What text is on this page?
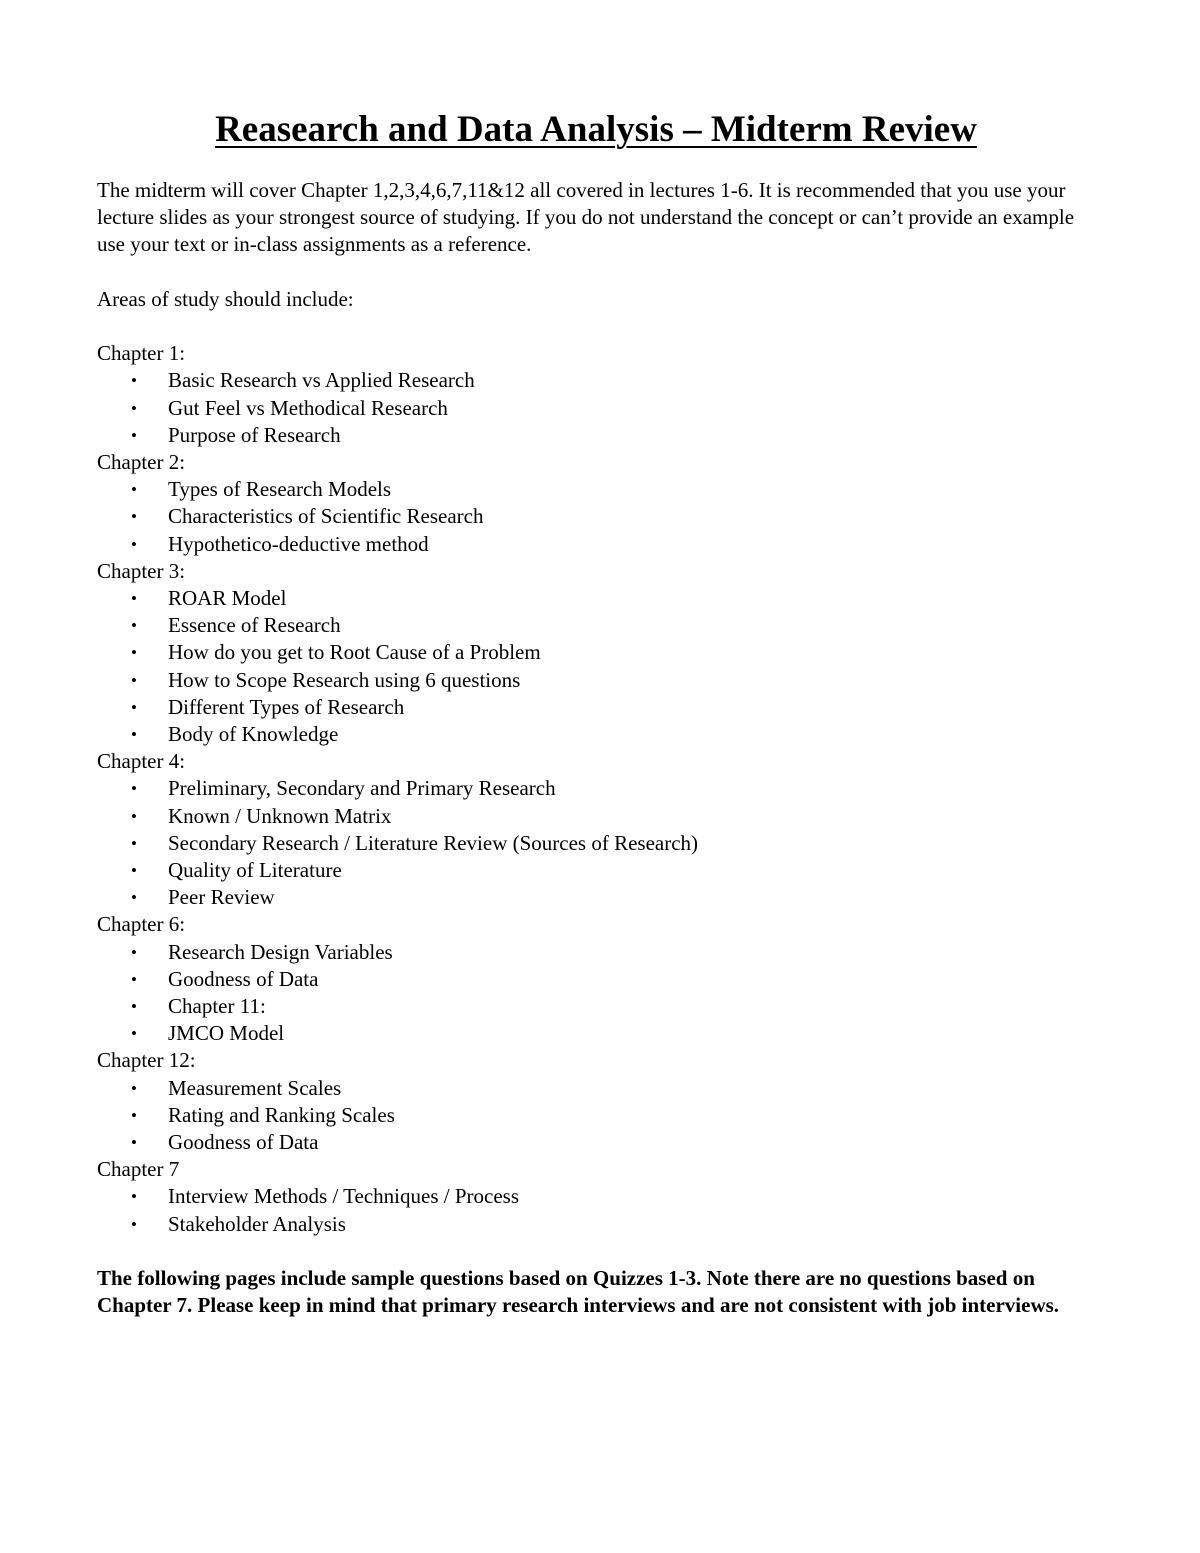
Reasearch and Data Analysis – Midterm Review

The midterm will cover Chapter 1,2,3,4,6,7,11&12 all covered in lectures 1-6. It is recommended that you use your lecture slides as your strongest source of studying. If you do not understand the concept or can’t provide an example use your text or in-class assignments as a reference.

Areas of study should include:

Chapter 1:

• Basic Research vs Applied Research
• Gut Feel vs Methodical Research
• Purpose of Research

Chapter 2:

• Types of Research Models
• Characteristics of Scientific Research
• Hypothetico-deductive method

Chapter 3:

• ROAR Model
• Essence of Research
• How do you get to Root Cause of a Problem
• How to Scope Research using 6 questions
• Different Types of Research
• Body of Knowledge

Chapter 4:

• Preliminary, Secondary and Primary Research
• Known / Unknown Matrix
• Secondary Research / Literature Review (Sources of Research)
• Quality of Literature
• Peer Review

Chapter 6:

• Research Design Variables
• Goodness of Data
• Chapter 11:
• JMCO Model

Chapter 12:

• Measurement Scales
• Rating and Ranking Scales
• Goodness of Data

Chapter 7

• Interview Methods / Techniques / Process
• Stakeholder Analysis

The following pages include sample questions based on Quizzes 1-3. Note there are no questions based on Chapter 7. Please keep in mind that primary research interviews and are not consistent with job interviews.
